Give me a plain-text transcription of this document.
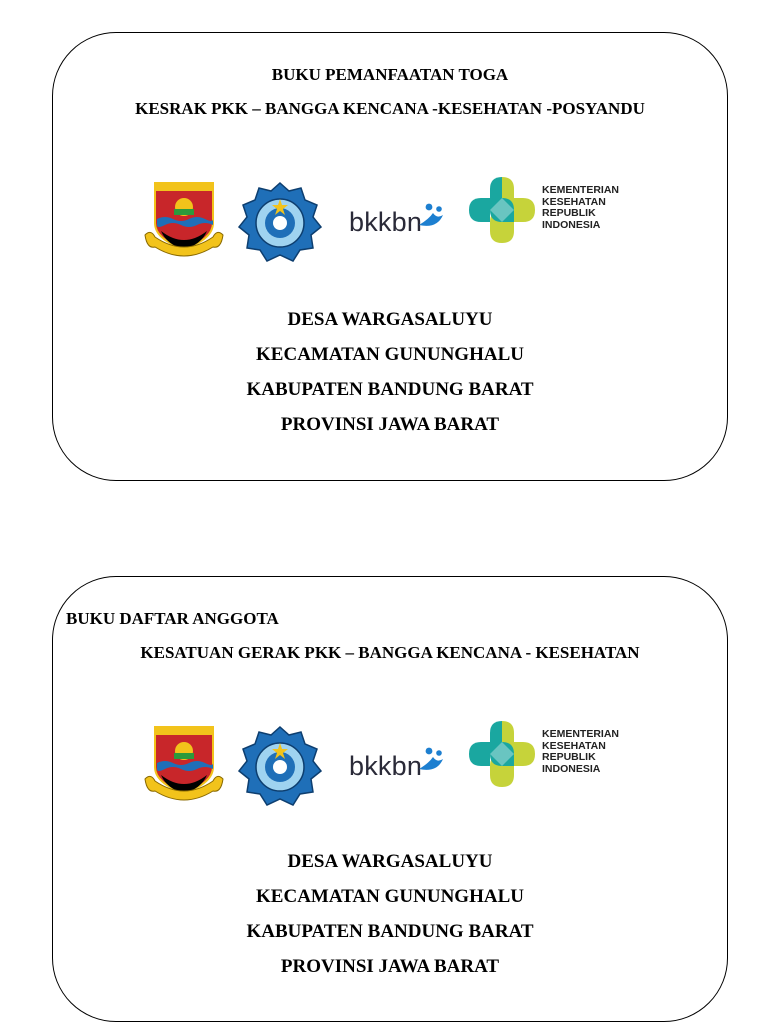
BUKU PEMANFAATAN TOGA
KESRAK PKK – BANGGA KENCANA -KESEHATAN -POSYANDU
bkkbn
KEMENTERIAN
KESEHATAN
REPUBLIK
INDONESIA
DESA WARGASALUYU
KECAMATAN GUNUNGHALU
KABUPATEN BANDUNG BARAT
PROVINSI JAWA BARAT
BUKU DAFTAR ANGGOTA
KESATUAN GERAK PKK – BANGGA KENCANA - KESEHATAN
bkkbn
KEMENTERIAN
KESEHATAN
REPUBLIK
INDONESIA
DESA WARGASALUYU
KECAMATAN GUNUNGHALU
KABUPATEN BANDUNG BARAT
PROVINSI JAWA BARAT
